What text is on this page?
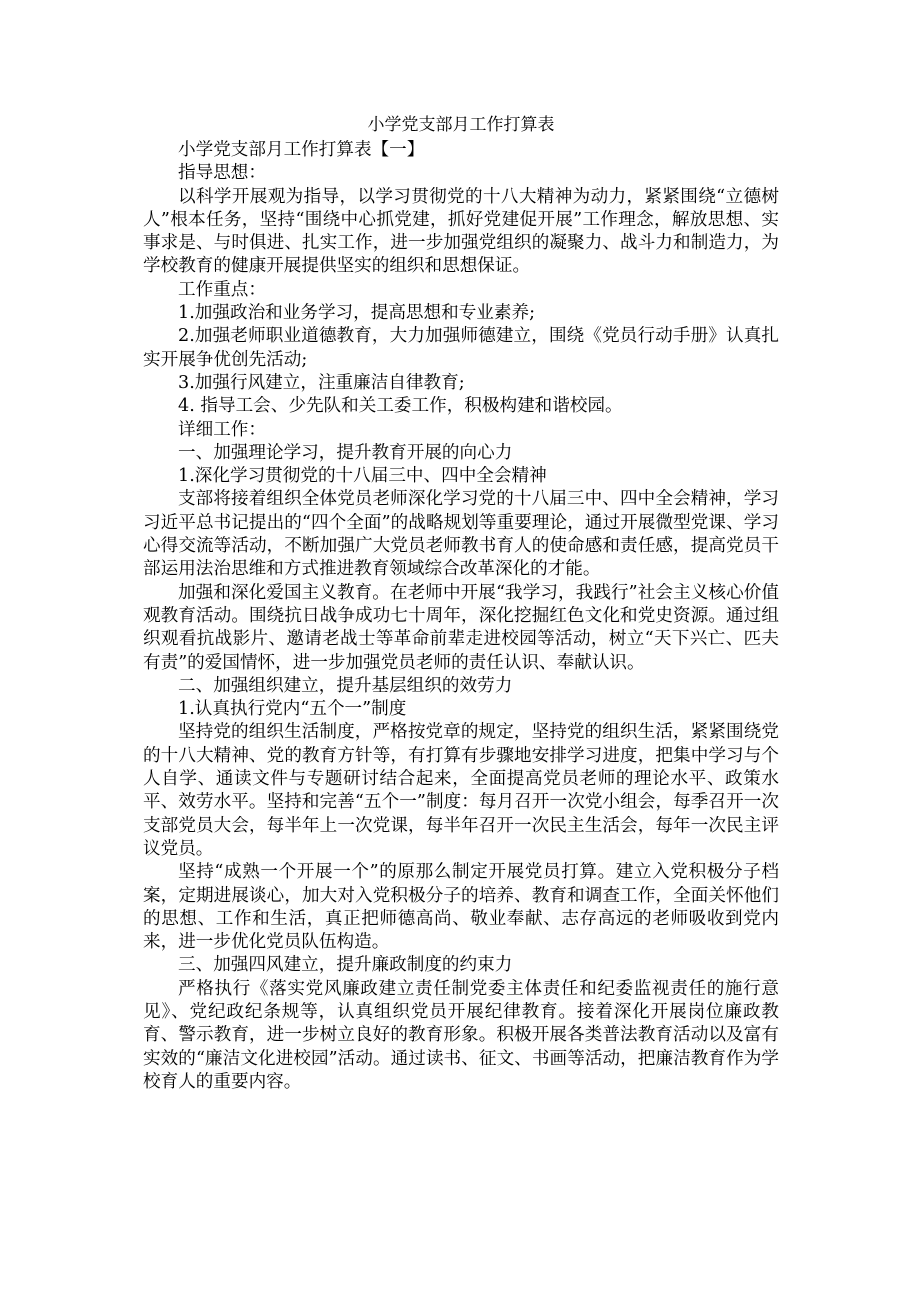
小学党支部月工作打算表

小学党支部月工作打算表【一】

指导思想：

以科学开展观为指导，以学习贯彻党的十八大精神为动力，紧紧围绕“立德树人”根本任务，坚持“围绕中心抓党建，抓好党建促开展”工作理念，解放思想、实事求是、与时俱进、扎实工作，进一步加强党组织的凝聚力、战斗力和制造力，为学校教育的健康开展提供坚实的组织和思想保证。

工作重点：

1.加强政治和业务学习，提高思想和专业素养;

2.加强老师职业道德教育，大力加强师德建立，围绕《党员行动手册》认真扎实开展争优创先活动;

3.加强行风建立，注重廉洁自律教育;

4. 指导工会、少先队和关工委工作，积极构建和谐校园。

详细工作：

一、加强理论学习，提升教育开展的向心力

1.深化学习贯彻党的十八届三中、四中全会精神

支部将接着组织全体党员老师深化学习党的十八届三中、四中全会精神，学习习近平总书记提出的“四个全面”的战略规划等重要理论，通过开展微型党课、学习心得交流等活动，不断加强广大党员老师教书育人的使命感和责任感，提高党员干部运用法治思维和方式推进教育领域综合改革深化的才能。

加强和深化爱国主义教育。在老师中开展“我学习，我践行”社会主义核心价值观教育活动。围绕抗日战争成功七十周年，深化挖掘红色文化和党史资源。通过组织观看抗战影片、邀请老战士等革命前辈走进校园等活动，树立“天下兴亡、匹夫有责”的爱国情怀，进一步加强党员老师的责任认识、奉献认识。

二、加强组织建立，提升基层组织的效劳力

1.认真执行党内“五个一”制度

坚持党的组织生活制度，严格按党章的规定，坚持党的组织生活，紧紧围绕党的十八大精神、党的教育方针等，有打算有步骤地安排学习进度，把集中学习与个人自学、通读文件与专题研讨结合起来，全面提高党员老师的理论水平、政策水平、效劳水平。坚持和完善“五个一”制度：每月召开一次党小组会，每季召开一次支部党员大会，每半年上一次党课，每半年召开一次民主生活会，每年一次民主评议党员。

坚持“成熟一个开展一个”的原那么制定开展党员打算。建立入党积极分子档案，定期进展谈心，加大对入党积极分子的培养、教育和调查工作，全面关怀他们的思想、工作和生活，真正把师德高尚、敬业奉献、志存高远的老师吸收到党内来，进一步优化党员队伍构造。

三、加强四风建立，提升廉政制度的约束力

严格执行《落实党风廉政建立责任制党委主体责任和纪委监视责任的施行意见》、党纪政纪条规等，认真组织党员开展纪律教育。接着深化开展岗位廉政教育、警示教育，进一步树立良好的教育形象。积极开展各类普法教育活动以及富有实效的“廉洁文化进校园”活动。通过读书、征文、书画等活动，把廉洁教育作为学校育人的重要内容。
